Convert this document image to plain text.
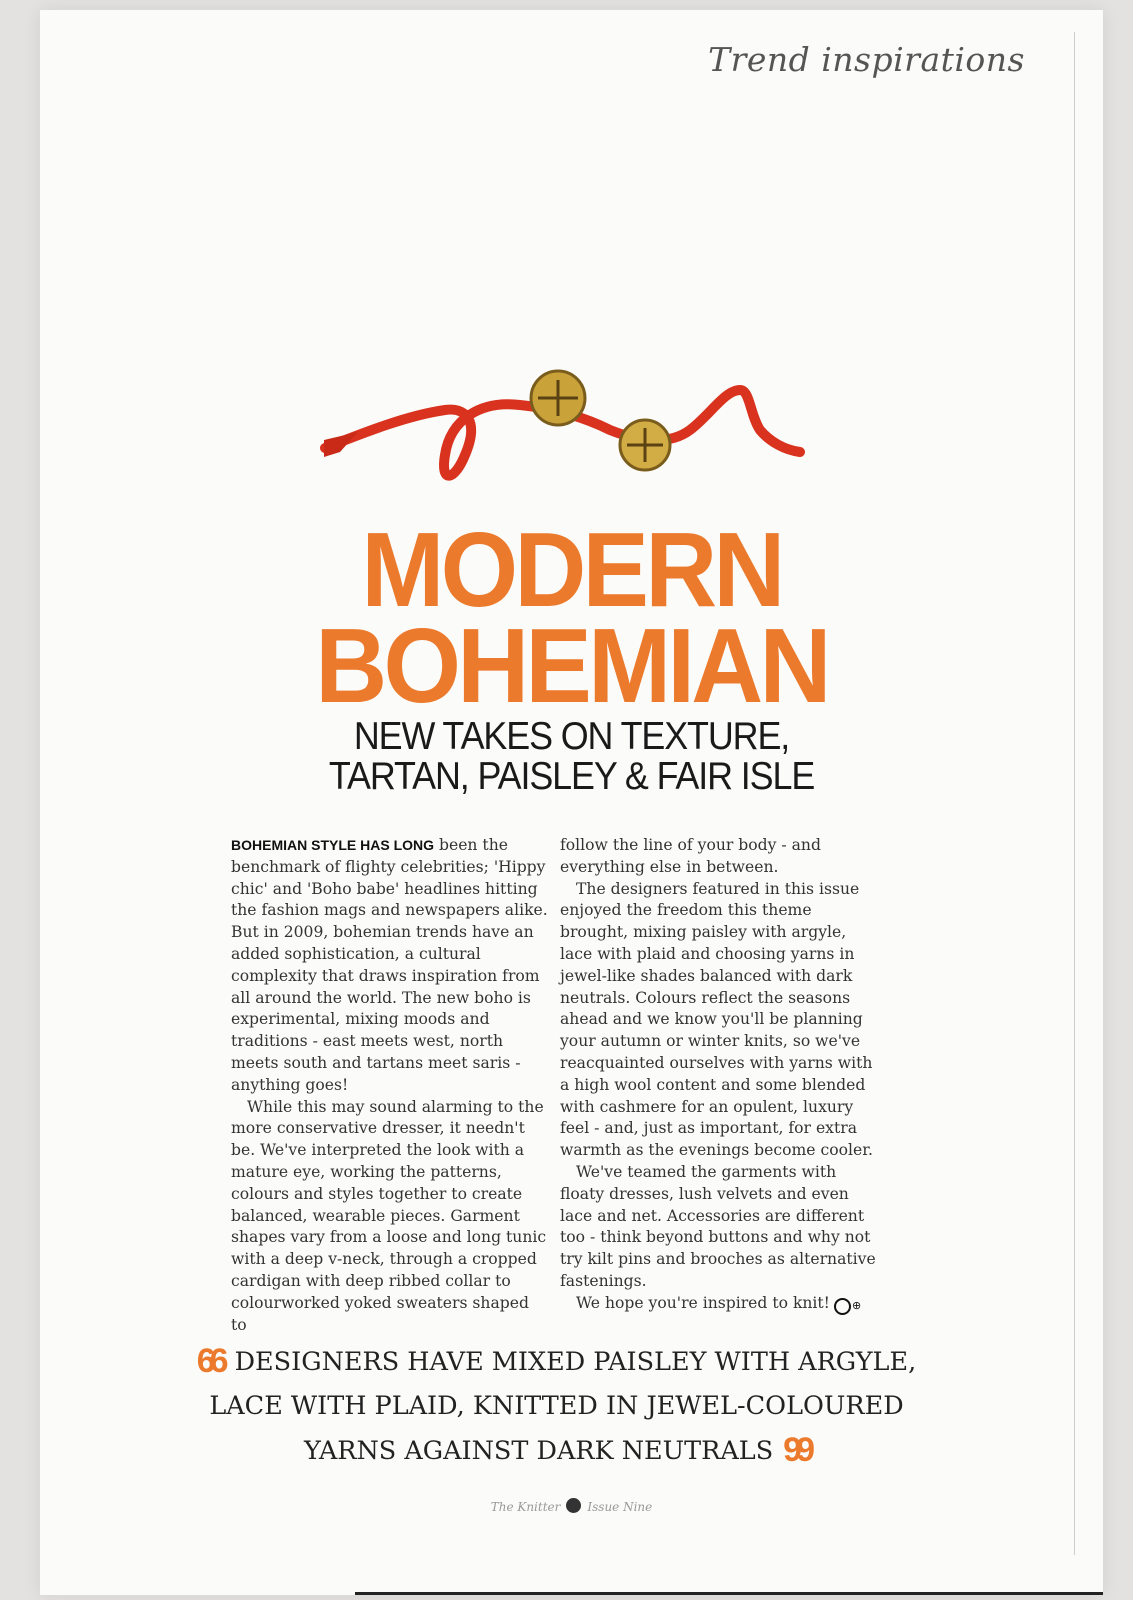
Trend inspirations
MODERN
BOHEMIAN
NEW TAKES ON TEXTURE,
TARTAN, PAISLEY & FAIR ISLE

BOHEMIAN STYLE HAS LONG been the benchmark of flighty celebrities; 'Hippy chic' and 'Boho babe' headlines hitting the fashion mags and newspapers alike. But in 2009, bohemian trends have an added sophistication, a cultural complexity that draws inspiration from all around the world. The new boho is experimental, mixing moods and traditions - east meets west, north meets south and tartans meet saris - anything goes!

While this may sound alarming to the more conservative dresser, it needn't be. We've interpreted the look with a mature eye, working the patterns, colours and styles together to create balanced, wearable pieces. Garment shapes vary from a loose and long tunic with a deep v-neck, through a cropped cardigan with deep ribbed collar to colourworked yoked sweaters shaped to

follow the line of your body - and everything else in between.

The designers featured in this issue enjoyed the freedom this theme brought, mixing paisley with argyle, lace with plaid and choosing yarns in jewel-like shades balanced with dark neutrals. Colours reflect the seasons ahead and we know you'll be planning your autumn or winter knits, so we've reacquainted ourselves with yarns with a high wool content and some blended with cashmere for an opulent, luxury feel - and, just as important, for extra warmth as the evenings become cooler.

We've teamed the garments with floaty dresses, lush velvets and even lace and net. Accessories are different too - think beyond buttons and why not try kilt pins and brooches as alternative fastenings.

We hope you're inspired to knit! ⊕

66 DESIGNERS HAVE MIXED PAISLEY WITH ARGYLE, LACE WITH PLAID, KNITTED IN JEWEL-COLOURED YARNS AGAINST DARK NEUTRALS 99
The Knitter Issue Nine
